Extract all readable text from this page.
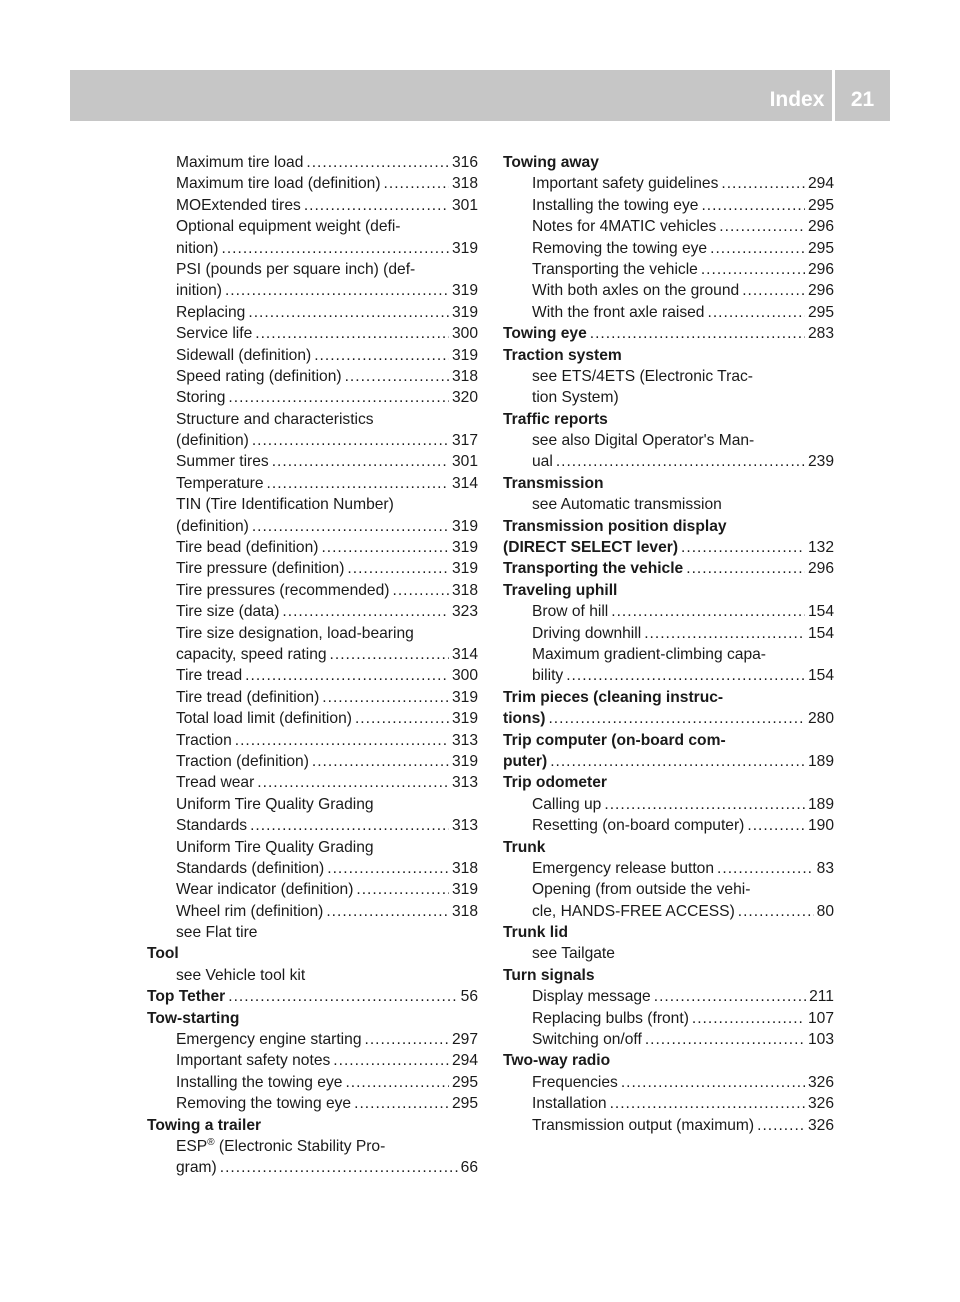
Index	21
Maximum tire load .....	316
Maximum tire load (definition) .....	318
MOExtended tires .....	301
Optional equipment weight (defi-
nition) .....	319
PSI (pounds per square inch) (def-
inition) .....	319
Replacing .....	319
Service life .....	300
Sidewall (definition) .....	319
Speed rating (definition) .....	318
Storing .....	320
Structure and characteristics
(definition) .....	317
Summer tires .....	301
Temperature .....	314
TIN (Tire Identification Number)
(definition) .....	319
Tire bead (definition) .....	319
Tire pressure (definition) .....	319
Tire pressures (recommended) .....	318
Tire size (data) .....	323
Tire size designation, load-bearing
capacity, speed rating .....	314
Tire tread .....	300
Tire tread (definition) .....	319
Total load limit (definition) .....	319
Traction .....	313
Traction (definition) .....	319
Tread wear .....	313
Uniform Tire Quality Grading
Standards .....	313
Uniform Tire Quality Grading
Standards (definition) .....	318
Wear indicator (definition) .....	319
Wheel rim (definition) .....	318
see Flat tire
Tool
see Vehicle tool kit
Top Tether .....	56
Tow-starting
Emergency engine starting .....	297
Important safety notes .....	294
Installing the towing eye .....	295
Removing the towing eye .....	295
Towing a trailer
ESP® (Electronic Stability Pro-
gram) .....	66
Towing away
Important safety guidelines .....	294
Installing the towing eye .....	295
Notes for 4MATIC vehicles .....	296
Removing the towing eye .....	295
Transporting the vehicle .....	296
With both axles on the ground .....	296
With the front axle raised .....	295
Towing eye .....	283
Traction system
see ETS/4ETS (Electronic Trac-
tion System)
Traffic reports
see also Digital Operator's Man-
ual .....	239
Transmission
see Automatic transmission
Transmission position display
(DIRECT SELECT lever) .....	132
Transporting the vehicle .....	296
Traveling uphill
Brow of hill .....	154
Driving downhill .....	154
Maximum gradient-climbing capa-
bility .....	154
Trim pieces (cleaning instruc-
tions) .....	280
Trip computer (on-board com-
puter) .....	189
Trip odometer
Calling up .....	189
Resetting (on-board computer) .....	190
Trunk
Emergency release button .....	83
Opening (from outside the vehi-
cle, HANDS-FREE ACCESS) .....	80
Trunk lid
see Tailgate
Turn signals
Display message .....	211
Replacing bulbs (front) .....	107
Switching on/off .....	103
Two-way radio
Frequencies .....	326
Installation .....	326
Transmission output (maximum) .....	326
